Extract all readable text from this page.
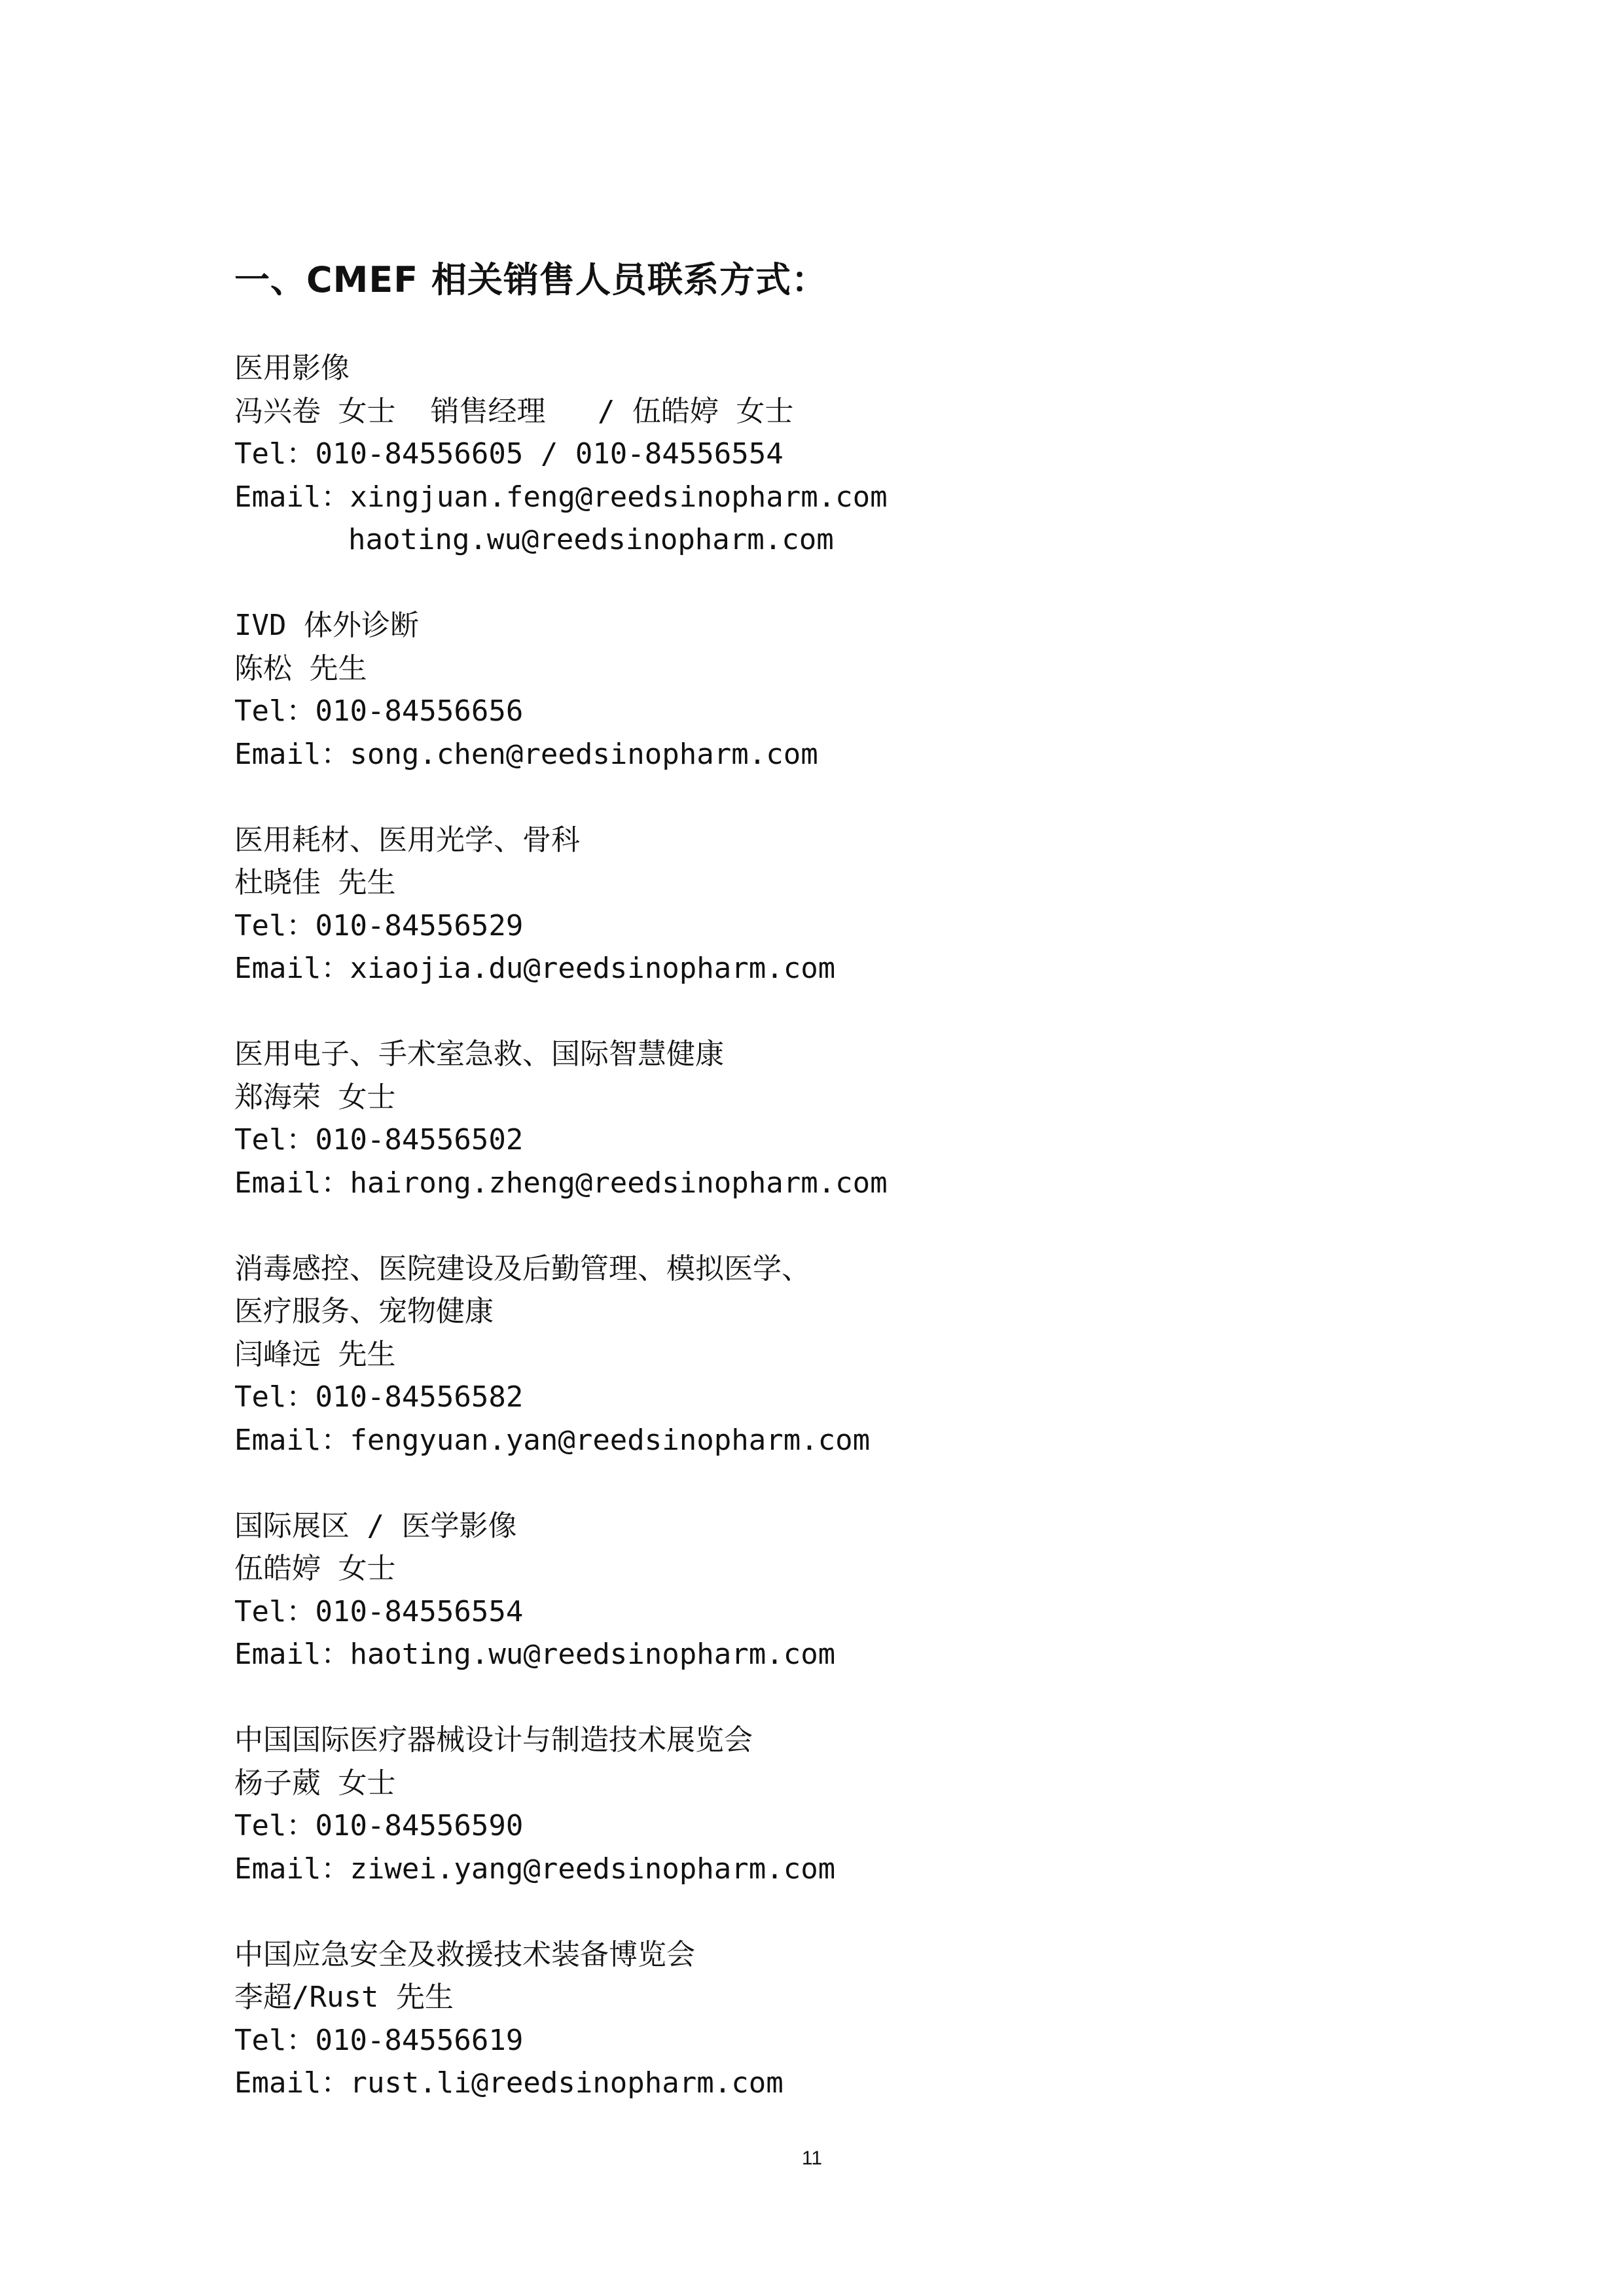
一、CMEF 相关销售人员联系方式：
医用影像
冯兴卷 女士  销售经理   / 伍皓婷 女士
Tel：010-84556605 / 010-84556554
Email：xingjuan.feng@reedsinopharm.com
haoting.wu@reedsinopharm.com
IVD 体外诊断
陈松 先生
Tel：010-84556656
Email：song.chen@reedsinopharm.com
医用耗材、医用光学、骨科
杜晓佳 先生
Tel：010-84556529
Email：xiaojia.du@reedsinopharm.com
医用电子、手术室急救、国际智慧健康
郑海荣 女士
Tel：010-84556502
Email：hairong.zheng@reedsinopharm.com
消毒感控、医院建设及后勤管理、模拟医学、
医疗服务、宠物健康
闫峰远 先生
Tel：010-84556582
Email：fengyuan.yan@reedsinopharm.com
国际展区 / 医学影像
伍皓婷 女士
Tel：010-84556554
Email：haoting.wu@reedsinopharm.com
中国国际医疗器械设计与制造技术展览会
杨子葳 女士
Tel：010-84556590
Email：ziwei.yang@reedsinopharm.com
中国应急安全及救援技术装备博览会
李超/Rust 先生
Tel：010-84556619
Email：rust.li@reedsinopharm.com
11
